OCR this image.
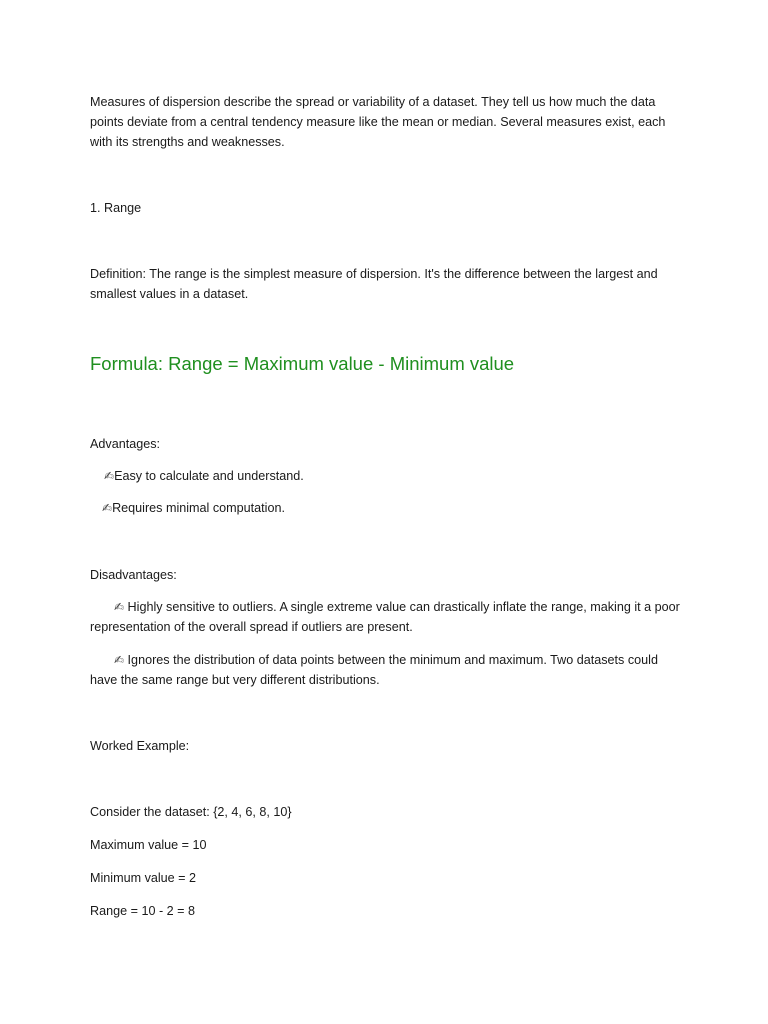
Measures of dispersion describe the spread or variability of a dataset. They tell us how much the data points deviate from a central tendency measure like the mean or median. Several measures exist, each with its strengths and weaknesses.

1. Range

Definition: The range is the simplest measure of dispersion. It's the difference between the largest and smallest values in a dataset.

Formula: Range = Maximum value - Minimum value

Advantages:

✍Easy to calculate and understand.
✍Requires minimal computation.

Disadvantages:

✍ Highly sensitive to outliers. A single extreme value can drastically inflate the range, making it a poor representation of the overall spread if outliers are present.
✍ Ignores the distribution of data points between the minimum and maximum. Two datasets could have the same range but very different distributions.

Worked Example:

Consider the dataset: {2, 4, 6, 8, 10}

Maximum value = 10

Minimum value = 2

Range = 10 - 2 = 8
